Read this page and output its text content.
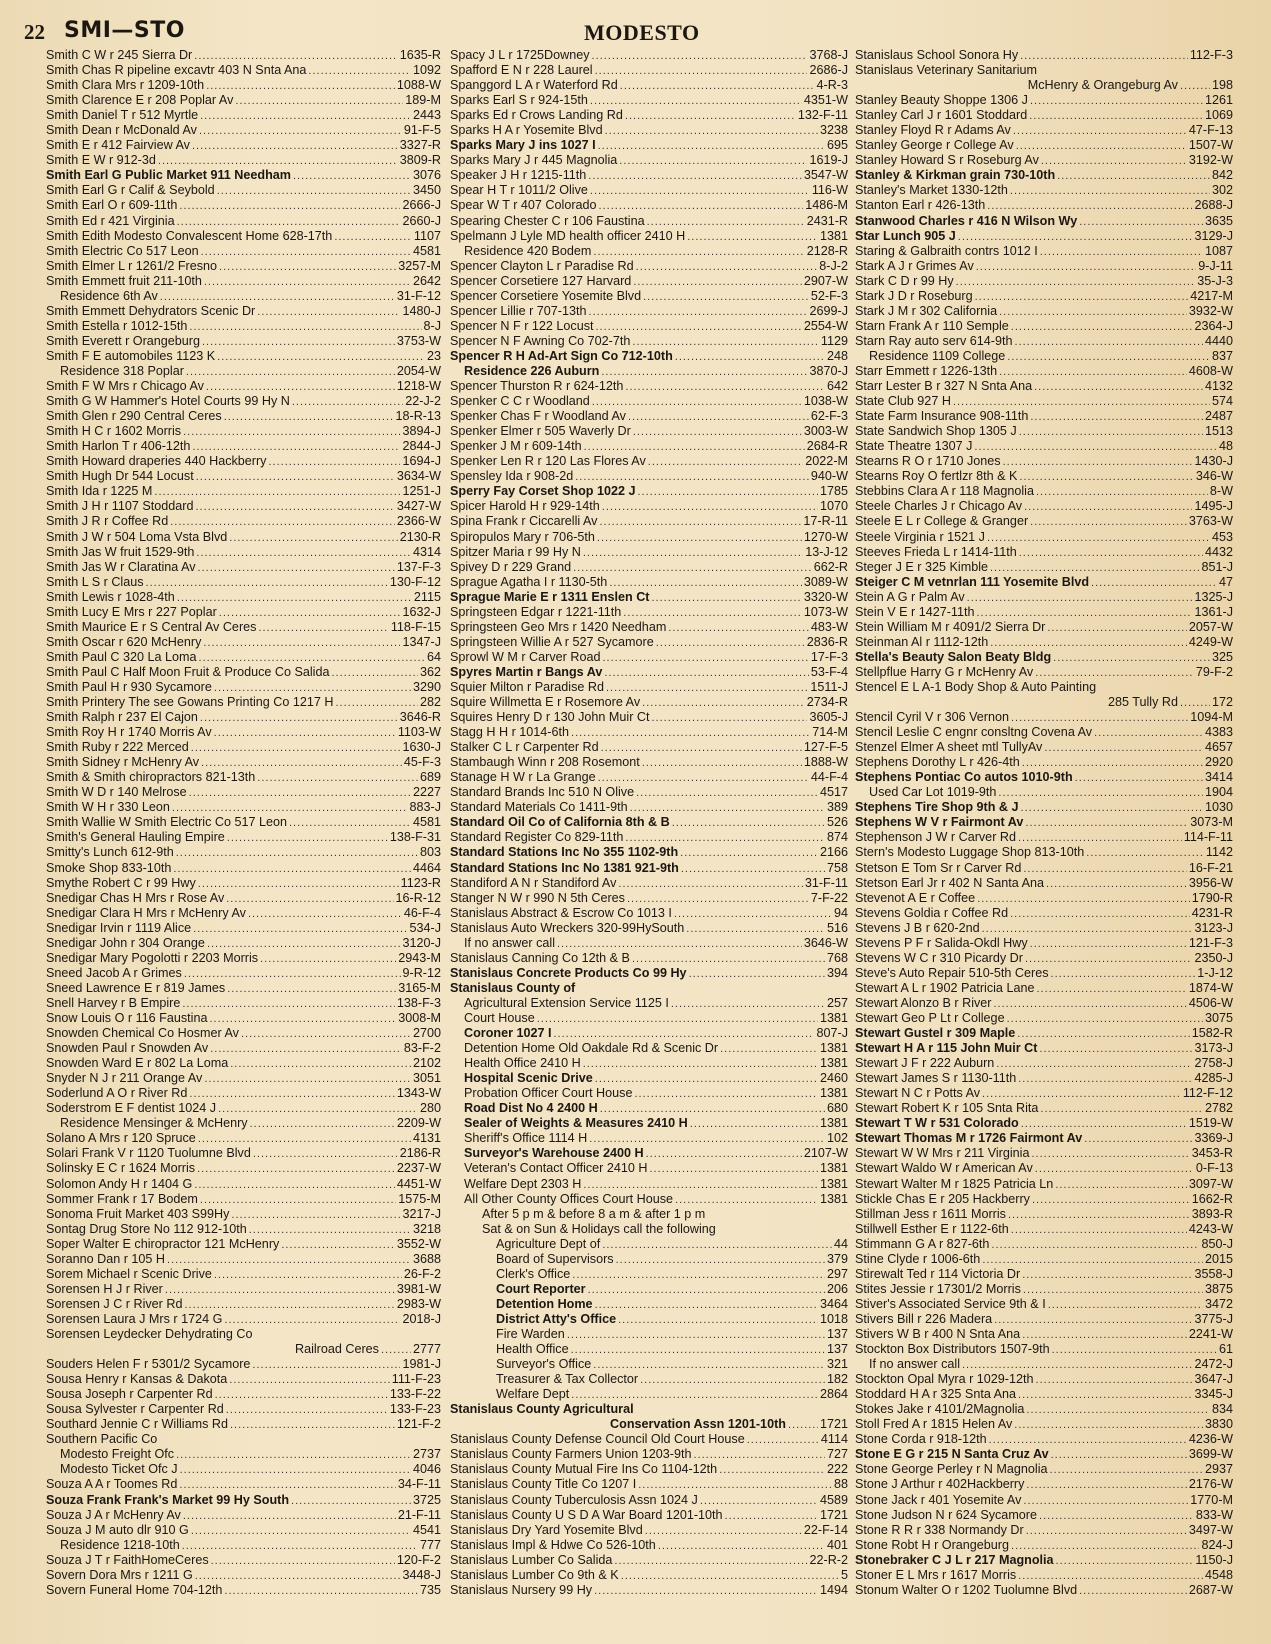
22 SMI—STO	MODESTO
Smith C W r 245 Sierra Dr .....	1635-R
Smith Chas R pipeline excavtr 403 N Snta Ana .....	1092
Smith Clara Mrs r 1209-10th .....	1088-W
Smith Clarence E r 208 Poplar Av .....	189-M
Smith Daniel T r 512 Myrtle .....	2443
Smith Dean r McDonald Av .....	91-F-5
Smith E r 412 Fairview Av .....	3327-R
Smith E W r 912-3d .....	3809-R
Smith Earl G Public Market 911 Needham .....	3076
Smith Earl G r Calif & Seybold .....	3450
Smith Earl O r 609-11th .....	2666-J
Smith Ed r 421 Virginia .....	2660-J
Smith Edith Modesto Convalescent Home 628-17th .....	1107
Smith Electric Co 517 Leon .....	4581
Smith Elmer L r 1261/2 Fresno .....	3257-M
Smith Emmett fruit 211-10th .....	2642
Residence 6th Av .....	31-F-12
Smith Emmett Dehydrators Scenic Dr .....	1480-J
Smith Estella r 1012-15th .....	8-J
Smith Everett r Orangeburg .....	3753-W
Smith F E automobiles 1123 K .....	23
Residence 318 Poplar .....	2054-W
Smith F W Mrs r Chicago Av .....	1218-W
Smith G W Hammer's Hotel Courts 99 Hy N .....	22-J-2
Smith Glen r 290 Central Ceres .....	18-R-13
Smith H C r 1602 Morris .....	3894-J
Smith Harlon T r 406-12th .....	2844-J
Smith Howard draperies 440 Hackberry .....	1694-J
Smith Hugh Dr 544 Locust .....	3634-W
Smith Ida r 1225 M .....	1251-J
Smith J H r 1107 Stoddard .....	3427-W
Smith J R r Coffee Rd .....	2366-W
Smith J W r 504 Loma Vsta Blvd .....	2130-R
Smith Jas W fruit 1529-9th .....	4314
Smith Jas W r Claratina Av .....	137-F-3
Smith L S r Claus .....	130-F-12
Smith Lewis r 1028-4th .....	2115
Smith Lucy E Mrs r 227 Poplar .....	1632-J
Smith Maurice E r S Central Av Ceres .....	118-F-15
Smith Oscar r 620 McHenry .....	1347-J
Smith Paul C 320 La Loma .....	64
Smith Paul C Half Moon Fruit & Produce Co Salida .....	362
Smith Paul H r 930 Sycamore .....	3290
Smith Printery The see Gowans Printing Co 1217 H .....	282
Smith Ralph r 237 El Cajon .....	3646-R
Smith Roy H r 1740 Morris Av .....	1103-W
Smith Ruby r 222 Merced .....	1630-J
Smith Sidney r McHenry Av .....	45-F-3
Smith & Smith chiropractors 821-13th .....	689
Smith W D r 140 Melrose .....	2227
Smith W H r 330 Leon .....	883-J
Smith Wallie W Smith Electric Co 517 Leon .....	4581
Smith's General Hauling Empire .....	138-F-31
Smitty's Lunch 612-9th .....	803
Smoke Shop 833-10th .....	4464
Smythe Robert C r 99 Hwy .....	1123-R
Snedigar Chas H Mrs r Rose Av .....	16-R-12
Snedigar Clara H Mrs r McHenry Av .....	46-F-4
Snedigar Irvin r 1119 Alice .....	534-J
Snedigar John r 304 Orange .....	3120-J
Snedigar Mary Pogolotti r 2203 Morris .....	2943-M
Sneed Jacob A r Grimes .....	9-R-12
Sneed Lawrence E r 819 James .....	3165-M
Snell Harvey r B Empire .....	138-F-3
Snow Louis O r 116 Faustina .....	3008-M
Snowden Chemical Co Hosmer Av .....	2700
Snowden Paul r Snowden Av .....	83-F-2
Snowden Ward E r 802 La Loma .....	2102
Snyder N J r 211 Orange Av .....	3051
Soderlund A O r River Rd .....	1343-W
Soderstrom E F dentist 1024 J .....	280
Residence Mensinger & McHenry .....	2209-W
Solano A Mrs r 120 Spruce .....	4131
Solari Frank V r 1120 Tuolumne Blvd .....	2186-R
Solinsky E C r 1624 Morris .....	2237-W
Solomon Andy H r 1404 G .....	4451-W
Sommer Frank r 17 Bodem .....	1575-M
Sonoma Fruit Market 403 S99Hy .....	3217-J
Sontag Drug Store No 112 912-10th .....	3218
Soper Walter E chiropractor 121 McHenry .....	3552-W
Soranno Dan r 105 H .....	3688
Sorem Michael r Scenic Drive .....	26-F-2
Sorensen H J r River .....	3981-W
Sorensen J C r River Rd .....	2983-W
Sorensen Laura J Mrs r 1724 G .....	2018-J
Sorensen Leydecker Dehydrating Co
Railroad Ceres .....	2777
Souders Helen F r 5301/2 Sycamore .....	1981-J
Sousa Henry r Kansas & Dakota .....	111-F-23
Sousa Joseph r Carpenter Rd .....	133-F-22
Sousa Sylvester r Carpenter Rd .....	133-F-23
Southard Jennie C r Williams Rd .....	121-F-2
Southern Pacific Co
Modesto Freight Ofc .....	2737
Modesto Ticket Ofc J .....	4046
Souza A A r Toomes Rd .....	34-F-11
Souza Frank Frank's Market 99 Hy South .....	3725
Souza J A r McHenry Av .....	21-F-11
Souza J M auto dlr 910 G .....	4541
Residence 1218-10th .....	777
Souza J T r FaithHomeCeres .....	120-F-2
Sovern Dora Mrs r 1211 G .....	3448-J
Sovern Funeral Home 704-12th .....	735
Spacy J L r 1725Downey .....	3768-J
Spafford E N r 228 Laurel .....	2686-J
Spanggord L A r Waterford Rd .....	4-R-3
Sparks Earl S r 924-15th .....	4351-W
Sparks Ed r Crows Landing Rd .....	132-F-11
Sparks H A r Yosemite Blvd .....	3238
Sparks Mary J ins 1027 I .....	695
Sparks Mary J r 445 Magnolia .....	1619-J
Speaker J H r 1215-11th .....	3547-W
Spear H T r 1011/2 Olive .....	116-W
Spear W T r 407 Colorado .....	1486-M
Spearing Chester C r 106 Faustina .....	2431-R
Spelmann J Lyle MD health officer 2410 H .....	1381
Residence 420 Bodem .....	2128-R
Spencer Clayton L r Paradise Rd .....	8-J-2
Spencer Corsetiere 127 Harvard .....	2907-W
Spencer Corsetiere Yosemite Blvd .....	52-F-3
Spencer Lillie r 707-13th .....	2699-J
Spencer N F r 122 Locust .....	2554-W
Spencer N F Awning Co 702-7th .....	1129
Spencer R H Ad-Art Sign Co 712-10th .....	248
Residence 226 Auburn .....	3870-J
Spencer Thurston R r 624-12th .....	642
Spenker C C r Woodland .....	1038-W
Spenker Chas F r Woodland Av .....	62-F-3
Spenker Elmer r 505 Waverly Dr .....	3003-W
Spenker J M r 609-14th .....	2684-R
Spenker Len R r 120 Las Flores Av .....	2022-M
Spensley Ida r 908-2d .....	940-W
Sperry Fay Corset Shop 1022 J .....	1785
Spicer Harold H r 929-14th .....	1070
Spina Frank r Ciccarelli Av .....	17-R-11
Spiropulos Mary r 706-5th .....	1270-W
Spitzer Maria r 99 Hy N .....	13-J-12
Spivey D r 229 Grand .....	662-R
Sprague Agatha I r 1130-5th .....	3089-W
Sprague Marie E r 1311 Enslen Ct .....	3320-W
Springsteen Edgar r 1221-11th .....	1073-W
Springsteen Geo Mrs r 1420 Needham .....	483-W
Springsteen Willie A r 527 Sycamore .....	2836-R
Sprowl W M r Carver Road .....	17-F-3
Spyres Martin r Bangs Av .....	53-F-4
Squier Milton r Paradise Rd .....	1511-J
Squire Willmetta E r Rosemore Av .....	2734-R
Squires Henry D r 130 John Muir Ct .....	3605-J
Stagg H H r 1014-6th .....	714-M
Stalker C L r Carpenter Rd .....	127-F-5
Stambaugh Winn r 208 Rosemont .....	1888-W
Stanage H W r La Grange .....	44-F-4
Standard Brands Inc 510 N Olive .....	4517
Standard Materials Co 1411-9th .....	389
Standard Oil Co of California 8th & B .....	526
Standard Register Co 829-11th .....	874
Standard Stations Inc No 355 1102-9th .....	2166
Standard Stations Inc No 1381 921-9th .....	758
Standiford A N r Standiford Av .....	31-F-11
Stanger N W r 990 N 5th Ceres .....	7-F-22
Stanislaus Abstract & Escrow Co 1013 I .....	94
Stanislaus Auto Wreckers 320-99HySouth .....	516
If no answer call .....	3646-W
Stanislaus Canning Co 12th & B .....	768
Stanislaus Concrete Products Co 99 Hy .....	394
Stanislaus County of
Agricultural Extension Service 1125 I .....	257
Court House .....	1381
Coroner 1027 I .....	807-J
Detention Home Old Oakdale Rd & Scenic Dr .....	1381
Health Office 2410 H .....	1381
Hospital Scenic Drive .....	2460
Probation Officer Court House .....	1381
Road Dist No 4 2400 H .....	680
Sealer of Weights & Measures 2410 H .....	1381
Sheriff's Office 1114 H .....	102
Surveyor's Warehouse 2400 H .....	2107-W
Veteran's Contact Officer 2410 H .....	1381
Welfare Dept 2303 H .....	1381
All Other County Offices Court House .....	1381
After 5 p m & before 8 a m & after 1 p m
Sat & on Sun & Holidays call the following
Agriculture Dept of .....	44
Board of Supervisors .....	379
Clerk's Office .....	297
Court Reporter .....	206
Detention Home .....	3464
District Atty's Office .....	1018
Fire Warden .....	137
Health Office .....	137
Surveyor's Office .....	321
Treasurer & Tax Collector .....	182
Welfare Dept .....	2864
Stanislaus County Agricultural
Conservation Assn 1201-10th .....	1721
Stanislaus County Defense Council Old Court House .....	4114
Stanislaus County Farmers Union 1203-9th .....	727
Stanislaus County Mutual Fire Ins Co 1104-12th .....	222
Stanislaus County Title Co 1207 I .....	88
Stanislaus County Tuberculosis Assn 1024 J .....	4589
Stanislaus County U S D A War Board 1201-10th .....	1721
Stanislaus Dry Yard Yosemite Blvd .....	22-F-14
Stanislaus Impl & Hdwe Co 526-10th .....	401
Stanislaus Lumber Co Salida .....	22-R-2
Stanislaus Lumber Co 9th & K .....	5
Stanislaus Nursery 99 Hy .....	1494
Stanislaus School Sonora Hy .....	112-F-3
Stanislaus Veterinary Sanitarium
McHenry & Orangeburg Av .....	198
Stanley Beauty Shoppe 1306 J .....	1261
Stanley Carl J r 1601 Stoddard .....	1069
Stanley Floyd R r Adams Av .....	47-F-13
Stanley George r College Av .....	1507-W
Stanley Howard S r Roseburg Av .....	3192-W
Stanley & Kirkman grain 730-10th .....	842
Stanley's Market 1330-12th .....	302
Stanton Earl r 426-13th .....	2688-J
Stanwood Charles r 416 N Wilson Wy .....	3635
Star Lunch 905 J .....	3129-J
Staring & Galbraith contrs 1012 I .....	1087
Stark A J r Grimes Av .....	9-J-11
Stark C D r 99 Hy .....	35-J-3
Stark J D r Roseburg .....	4217-M
Stark J M r 302 California .....	3932-W
Starn Frank A r 110 Semple .....	2364-J
Starn Ray auto serv 614-9th .....	4440
Residence 1109 College .....	837
Starr Emmett r 1226-13th .....	4608-W
Starr Lester B r 327 N Snta Ana .....	4132
State Club 927 H .....	574
State Farm Insurance 908-11th .....	2487
State Sandwich Shop 1305 J .....	1513
State Theatre 1307 J .....	48
Stearns R O r 1710 Jones .....	1430-J
Stearns Roy O fertlzr 8th & K .....	346-W
Stebbins Clara A r 118 Magnolia .....	8-W
Steele Charles J r Chicago Av .....	1495-J
Steele E L r College & Granger .....	3763-W
Steele Virginia r 1521 J .....	453
Steeves Frieda L r 1414-11th .....	4432
Steger J E r 325 Kimble .....	851-J
Steiger C M vetnrlan 111 Yosemite Blvd .....	47
Stein A G r Palm Av .....	1325-J
Stein V E r 1427-11th .....	1361-J
Stein William M r 4091/2 Sierra Dr .....	2057-W
Steinman Al r 1112-12th .....	4249-W
Stella's Beauty Salon Beaty Bldg .....	325
Stellpflue Harry G r McHenry Av .....	79-F-2
Stencel E L A-1 Body Shop & Auto Painting
285 Tully Rd .....	172
Stencil Cyril V r 306 Vernon .....	1094-M
Stencil Leslie C engnr consltng Covena Av .....	4383
Stenzel Elmer A sheet mtl TullyAv .....	4657
Stephens Dorothy L r 426-4th .....	2920
Stephens Pontiac Co autos 1010-9th .....	3414
Used Car Lot 1019-9th .....	1904
Stephens Tire Shop 9th & J .....	1030
Stephens W V r Fairmont Av .....	3073-M
Stephenson J W r Carver Rd .....	114-F-11
Stern's Modesto Luggage Shop 813-10th .....	1142
Stetson E Tom Sr r Carver Rd .....	16-F-21
Stetson Earl Jr r 402 N Santa Ana .....	3956-W
Stevenot A E r Coffee .....	1790-R
Stevens Goldia r Coffee Rd .....	4231-R
Stevens J B r 620-2nd .....	3123-J
Stevens P F r Salida-Okdl Hwy .....	121-F-3
Stevens W C r 310 Picardy Dr .....	2350-J
Steve's Auto Repair 510-5th Ceres .....	1-J-12
Stewart A L r 1902 Patricia Lane .....	1874-W
Stewart Alonzo B r River .....	4506-W
Stewart Geo P Lt r College .....	3075
Stewart Gustel r 309 Maple .....	1582-R
Stewart H A r 115 John Muir Ct .....	3173-J
Stewart J F r 222 Auburn .....	2758-J
Stewart James S r 1130-11th .....	4285-J
Stewart N C r Potts Av .....	112-F-12
Stewart Robert K r 105 Snta Rita .....	2782
Stewart T W r 531 Colorado .....	1519-W
Stewart Thomas M r 1726 Fairmont Av .....	3369-J
Stewart W W Mrs r 211 Virginia .....	3453-R
Stewart Waldo W r American Av .....	0-F-13
Stewart Walter M r 1825 Patricia Ln .....	3097-W
Stickle Chas E r 205 Hackberry .....	1662-R
Stillman Jess r 1611 Morris .....	3893-R
Stillwell Esther E r 1122-6th .....	4243-W
Stimmann G A r 827-6th .....	850-J
Stine Clyde r 1006-6th .....	2015
Stirewalt Ted r 114 Victoria Dr .....	3558-J
Stites Jessie r 17301/2 Morris .....	3875
Stiver's Associated Service 9th & I .....	3472
Stivers Bill r 226 Madera .....	3775-J
Stivers W B r 400 N Snta Ana .....	2241-W
Stockton Box Distributors 1507-9th .....	61
If no answer call .....	2472-J
Stockton Opal Myra r 1029-12th .....	3647-J
Stoddard H A r 325 Snta Ana .....	3345-J
Stokes Jake r 4101/2Magnolia .....	834
Stoll Fred A r 1815 Helen Av .....	3830
Stone Corda r 918-12th .....	4236-W
Stone E G r 215 N Santa Cruz Av .....	3699-W
Stone George Perley r N Magnolia .....	2937
Stone J Arthur r 402Hackberry .....	2176-W
Stone Jack r 401 Yosemite Av .....	1770-M
Stone Judson N r 624 Sycamore .....	833-W
Stone R R r 338 Normandy Dr .....	3497-W
Stone Robt H r Orangeburg .....	824-J
Stonebraker C J L r 217 Magnolia .....	1150-J
Stoner E L Mrs r 1617 Morris .....	4548
Stonum Walter O r 1202 Tuolumne Blvd .....	2687-W
